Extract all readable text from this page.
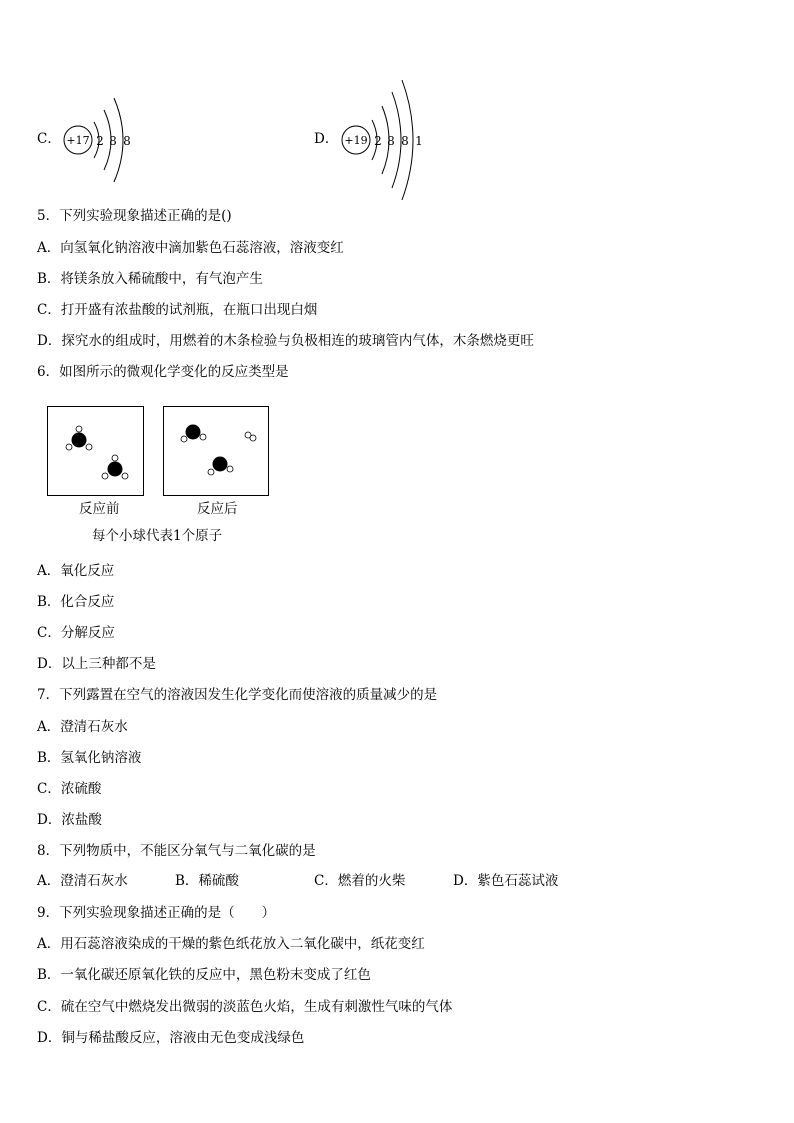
C． +17 2 8 8	D． +19 2 8 8 1
5．下列实验现象描述正确的是()
A．向氢氧化钠溶液中滴加紫色石蕊溶液，溶液变红
B．将镁条放入稀硫酸中，有气泡产生
C．打开盛有浓盐酸的试剂瓶，在瓶口出现白烟
D．探究水的组成时，用燃着的木条检验与负极相连的玻璃管内气体，木条燃烧更旺
6．如图所示的微观化学变化的反应类型是
反应前	反应后
每个小球代表1个原子
A．氧化反应
B．化合反应
C．分解反应
D．以上三种都不是
7．下列露置在空气的溶液因发生化学变化而使溶液的质量减少的是
A．澄清石灰水
B．氢氧化钠溶液
C．浓硫酸
D．浓盐酸
8．下列物质中，不能区分氧气与二氧化碳的是
A．澄清石灰水	B．稀硫酸	C．燃着的火柴	D．紫色石蕊试液
9．下列实验现象描述正确的是（　　）
A．用石蕊溶液染成的干燥的紫色纸花放入二氧化碳中，纸花变红
B．一氧化碳还原氧化铁的反应中，黑色粉末变成了红色
C．硫在空气中燃烧发出微弱的淡蓝色火焰，生成有刺激性气味的气体
D．铜与稀盐酸反应，溶液由无色变成浅绿色
